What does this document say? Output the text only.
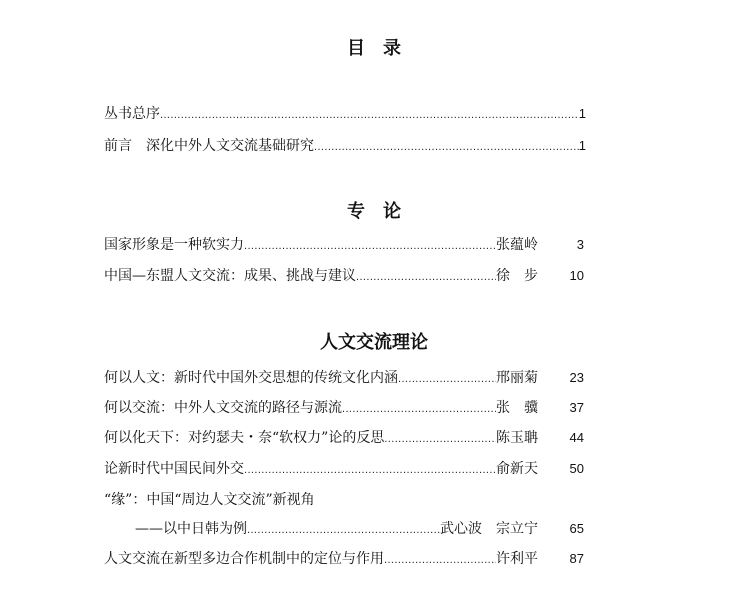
目　录
丛书总序 .....	1
前言　深化中外人文交流基础研究 .....	1
专　论
国家形象是一种软实力 .....	张蕴岭	3
中国—东盟人文交流：成果、挑战与建议 .....	徐　步	10
人文交流理论
何以人文：新时代中国外交思想的传统文化内涵 .....	邢丽菊	23
何以交流：中外人文交流的路径与源流 .....	张　骥	37
何以化天下：对约瑟夫・奈“软权力”论的反思 .....	陈玉聃	44
论新时代中国民间外交 .....	俞新天	50
“缘”：中国“周边人文交流”新视角
——以中日韩为例 .....	武心波　宗立宁	65
人文交流在新型多边合作机制中的定位与作用 .....	许利平	87
